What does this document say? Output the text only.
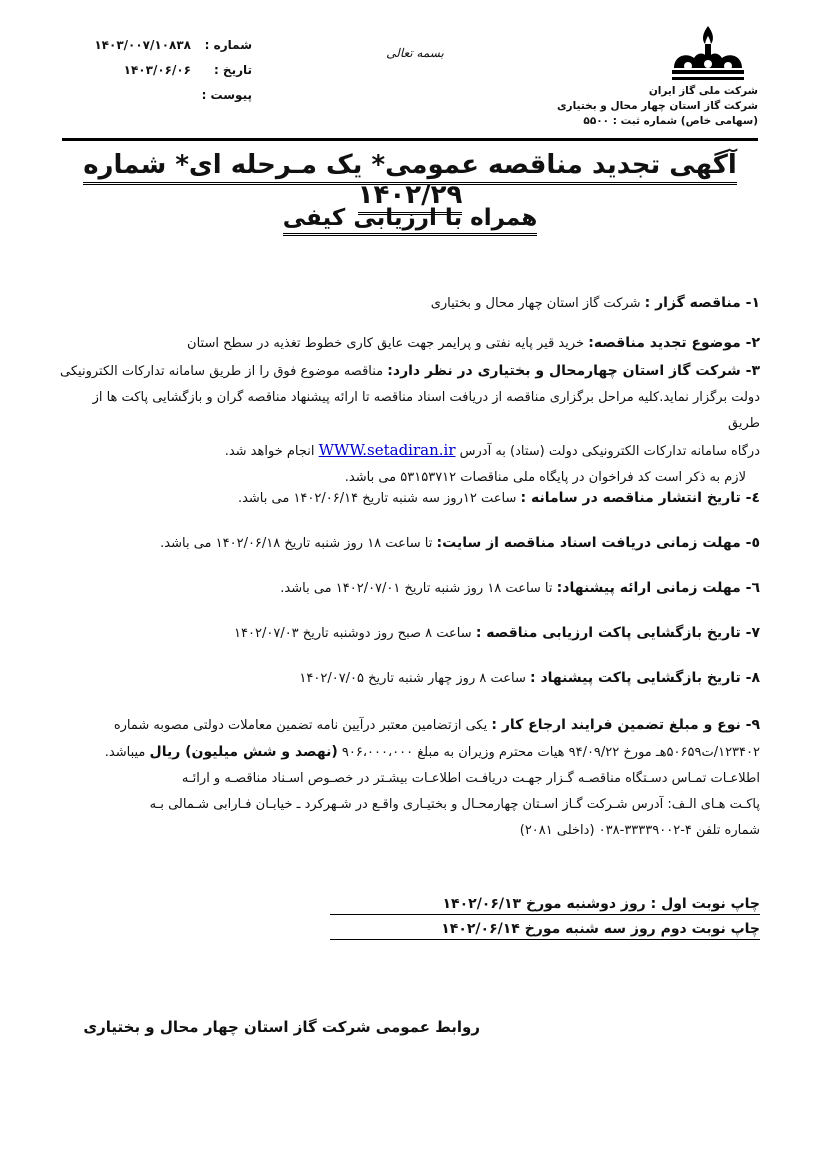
شماره :
۱۴۰۳/۰۰۷/۱۰۸۳۸
تاریخ :
۱۴۰۳/۰۶/۰۶
پیوست :
بسمه تعالی
شرکت ملی گاز ایران
شرکت گاز استان چهار محال و بختیاری
(سهامی خاص) شماره ثبت : ۵۵۰۰
آگهی تجدید مناقصه عمومی* یک مـرحله ای* شماره ۱۴۰۲/۲۹
همراه با ارزیابی کیفی
۱- مناقصه گزار : شرکت گاز استان چهار محال و بختیاری
۲- موضوع تجدید مناقصه: خرید قیر پایه نفتی و پرایمر جهت عایق کاری خطوط تغذیه در سطح استان
۳- شرکت گاز استان چهارمحال و بختیاری در نظر دارد: مناقصه موضوع فوق را از طریق سامانه تدارکات الکترونیکی
دولت برگزار نماید.کلیه مراحل برگزاری مناقصه از دریافت اسناد مناقصه تا ارائه پیشنهاد مناقصه گران و بازگشایی پاکت ها از طریق
درگاه سامانه تدارکات الکترونیکی دولت (ستاد) به آدرس WWW.setadiran.ir انجام خواهد شد.
لازم به ذکر است کد فراخوان در پایگاه ملی مناقصات ۵۳۱۵۳۷۱۲ می باشد.
٤- تاریخ انتشار مناقصه در سامانه : ساعت ۱۲روز سه شنبه تاریخ ۱۴۰۲/۰۶/۱۴ می باشد.
٥- مهلت زمانی دریافت اسناد مناقصه از سایت: تا ساعت ۱۸ روز شنبه تاریخ ۱۴۰۲/۰۶/۱۸ می باشد.
٦- مهلت زمانی ارائه پیشنهاد: تا ساعت ۱۸ روز شنبه تاریخ ۱۴۰۲/۰۷/۰۱ می باشد.
۷- تاریخ بازگشایی پاکت ارزیابی مناقصه : ساعت ۸ صبح روز دوشنبه تاریخ ۱۴۰۲/۰۷/۰۳
۸- تاریخ بازگشایی پاکت پیشنهاد : ساعت ۸ روز چهار شنبه تاریخ ۱۴۰۲/۰۷/۰۵
۹- نوع و مبلغ تضمین فرایند ارجاع کار : یکی ازتضامین معتبر درآیین نامه تضمین معاملات دولتی مصوبه شماره
۱۲۳۴۰۲/ت۵۰۶۵۹هـ مورخ ۹۴/۰۹/۲۲ هیات محترم وزیران به مبلغ ۹۰۶،۰۰۰،۰۰۰ (نهصد و شش میلیون) ریال میباشد.
اطلاعـات تمـاس دسـتگاه مناقصـه گـزار جهـت دریافـت اطلاعـات بیشـتر در خصـوص اسـناد مناقصـه و ارائـه
پاکـت هـای الـف: آدرس شـرکت گـاز اسـتان چهارمحـال و بختیـاری واقـع در شـهرکرد ـ خیابـان فـارابی شـمالی بـه
شماره تلفن ۴-۳۳۳۳۹۰۰۲-۰۳۸ (داخلی ۲۰۸۱)
چاپ نوبت اول : روز دوشنبه مورخ ۱۴۰۲/۰۶/۱۳
چاپ نوبت دوم روز سه شنبه مورخ ۱۴۰۲/۰۶/۱۴
روابط عمومی شرکت گاز استان چهار محال و بختیاری
